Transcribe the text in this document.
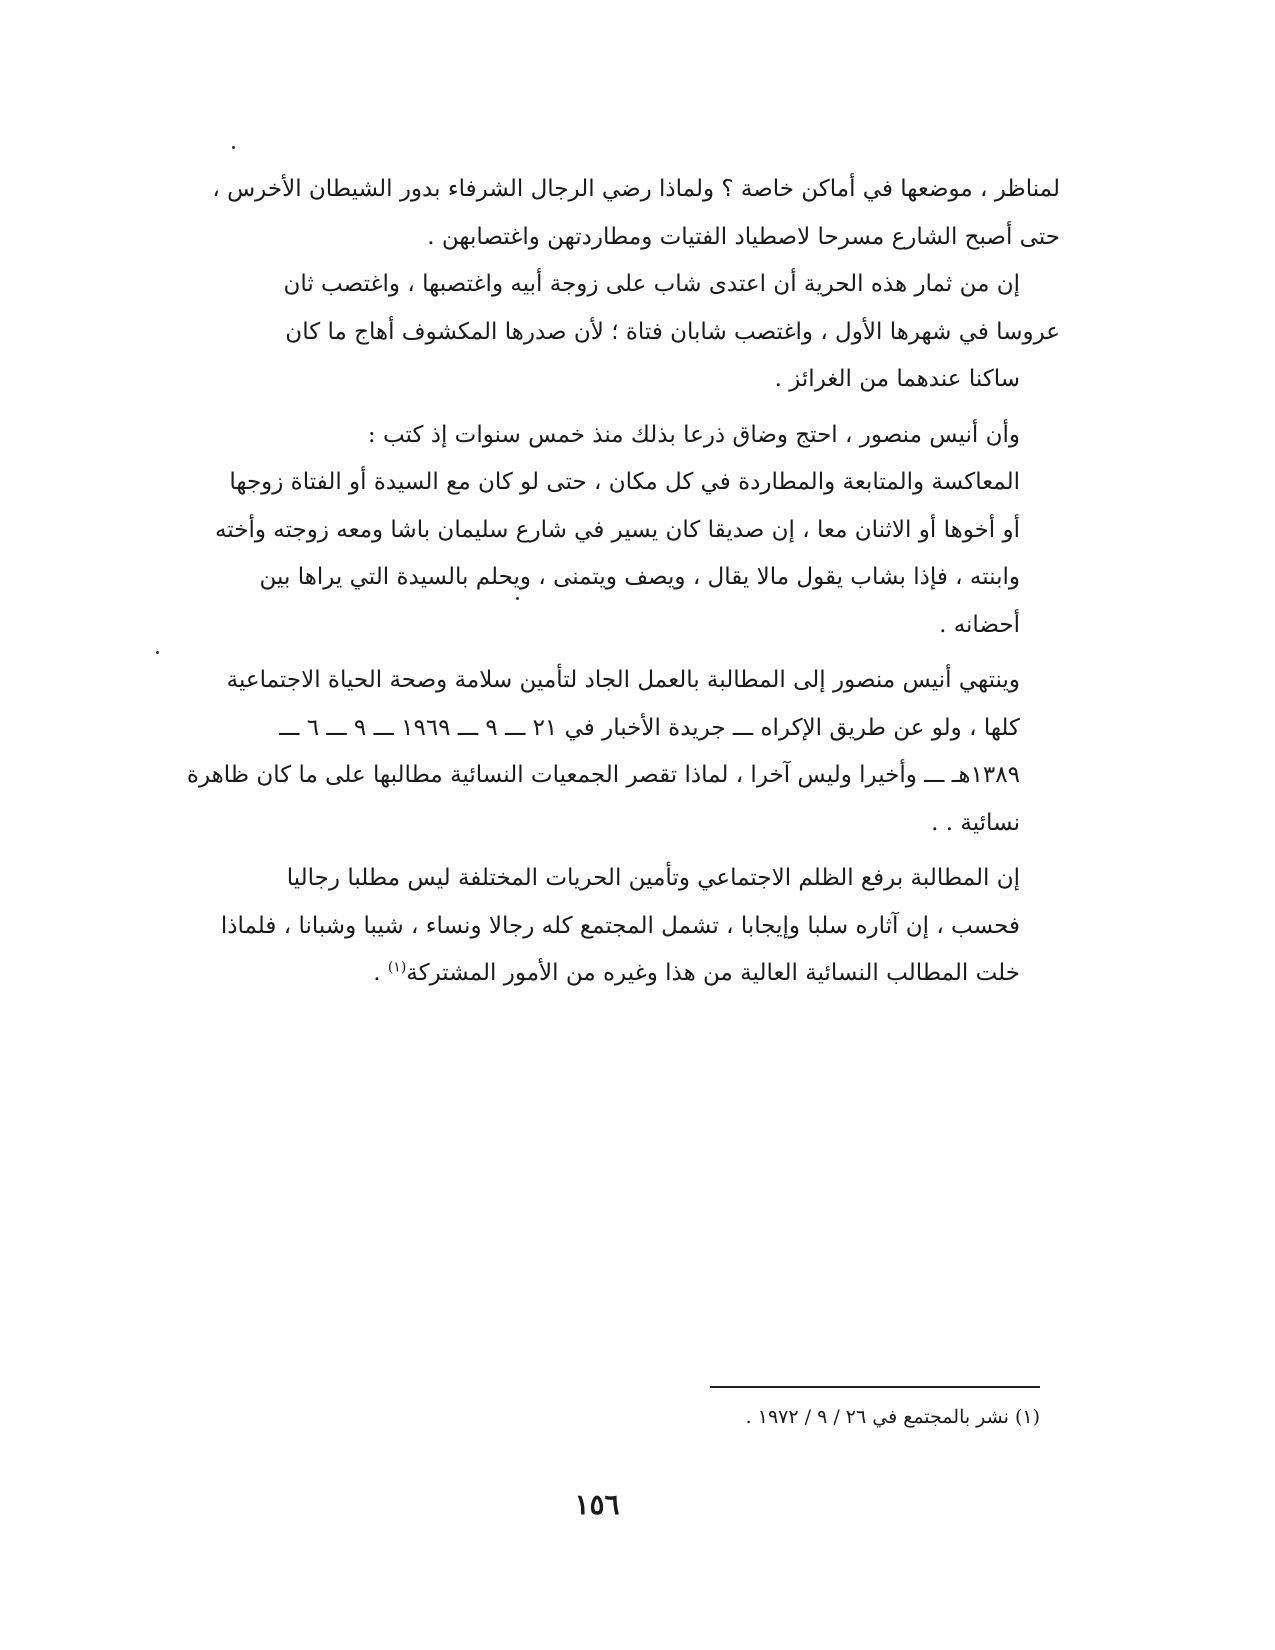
لمناظر ، موضعها في أماكن خاصة ؟ ولماذا رضي الرجال الشرفاء بدور الشيطان الأخرس ،
حتى أصبح الشارع مسرحا لاصطياد الفتيات ومطاردتهن واغتصابهن .

إن من ثمار هذه الحرية أن اعتدى شاب على زوجة أبيه واغتصبها ، واغتصب ثان
عروسا في شهرها الأول ، واغتصب شابان فتاة ؛ لأن صدرها المكشوف أهاج ما كان
ساكنا عندهما من الغرائز .

وأن أنيس منصور ، احتج وضاق ذرعا بذلك منذ خمس سنوات إذ كتب :

المعاكسة والمتابعة والمطاردة في كل مكان ، حتى لو كان مع السيدة أو الفتاة زوجها
أو أخوها أو الاثنان معا ، إن صديقا كان يسير في شارع سليمان باشا ومعه زوجته وأخته
وابنته ، فإذا بشاب يقول مالا يقال ، ويصف ويتمنى ، ويحلم بالسيدة التي يراها بين
أحضانه .

وينتهي أنيس منصور إلى المطالبة بالعمل الجاد لتأمين سلامة وصحة الحياة الاجتماعية
كلها ، ولو عن طريق الإكراه ـــ جريدة الأخبار في ٢١ ـــ ٩ ـــ ١٩٦٩ ـــ ٩ ـــ ٦ ـــ
١٣٨٩هـ ـــ وأخيرا وليس آخرا ، لماذا تقصر الجمعيات النسائية مطالبها على ما كان ظاهرة
نسائية . .

إن المطالبة برفع الظلم الاجتماعي وتأمين الحريات المختلفة ليس مطلبا رجاليا
فحسب ، إن آثاره سلبا وإيجابا ، تشمل المجتمع كله رجالا ونساء ، شيبا وشبانا ، فلماذا
خلت المطالب النسائية العالية من هذا وغيره من الأمور المشتركة$^{(١)}$ .

(١) نشر بالمجتمع في ٢٦ / ٩ / ١٩٧٢ .
١٥٦
